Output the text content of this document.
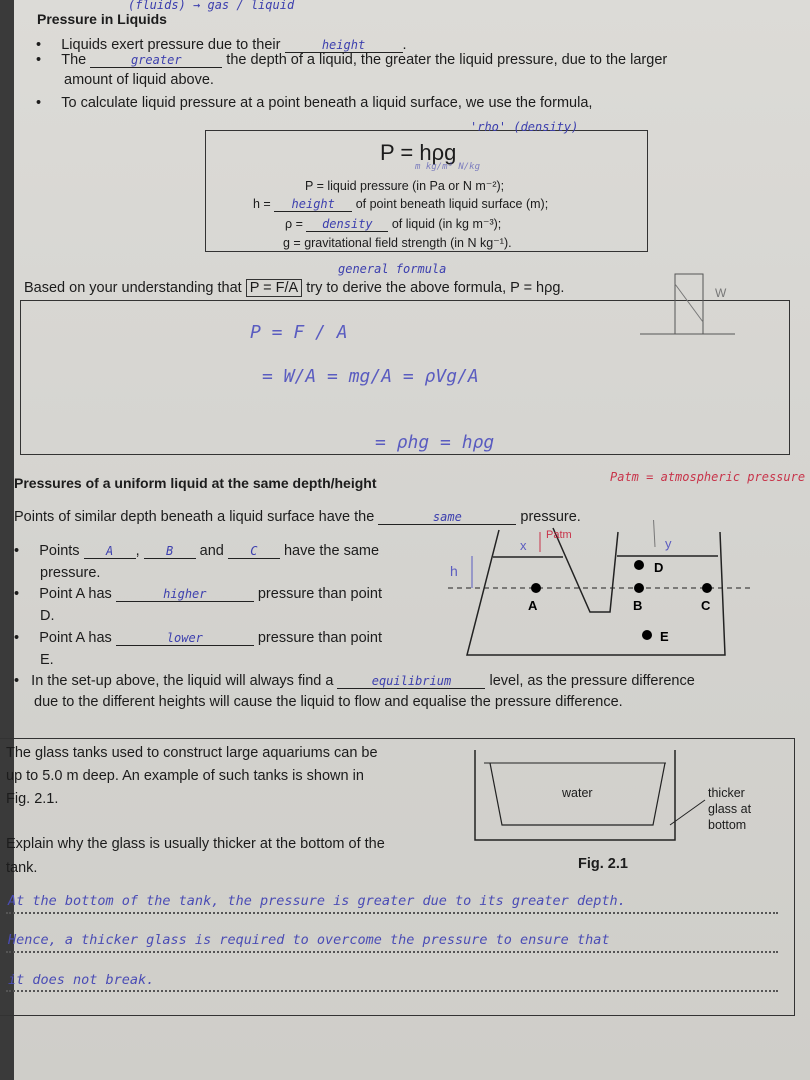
Pressure in Liquids
(fluids) → gas / liquid
•     Liquids exert pressure due to their	height	.
•     The	greater	the depth of a liquid, the greater the liquid pressure, due to the larger
amount of liquid above.
•     To calculate liquid pressure at a point beneath a liquid surface, we use the formula,
'rho' (density)
P = hρg
m kg/m³ N/kg
P = liquid pressure (in Pa or N m⁻²);
h = height of point beneath liquid surface (m);
ρ = density of liquid (in kg m⁻³);
g = gravitational field strength (in N kg⁻¹).
Based on your understanding that P = F/A try to derive the above formula, P = hρg.
general formula
P = F / A
= W/A = mg/A = ρVg/A
= ρhg = hρg
W
Pressures of a uniform liquid at the same depth/height	Patm = atmospheric pressure
Points of similar depth beneath a liquid surface have the	same	pressure.
•     Points A , B and C have the same
pressure.
•     Point A has	higher	pressure than point
D.
•     Point A has	lower	pressure than point
E.
•   In the set-up above, the liquid will always find a	equilibrium	level, as the pressure difference
due to the different heights will cause the liquid to flow and equalise the pressure difference.
h
x	y
Patm
A	B	C
D
E
The glass tanks used to construct large aquariums can be
up to 5.0 m deep. An example of such tanks is shown in
Fig. 2.1.
Explain why the glass is usually thicker at the bottom of the
tank.
water	thicker
glass at
bottom
Fig. 2.1
At the bottom of the tank, the pressure is greater due to its greater depth.
Hence, a thicker glass is required to overcome the pressure to ensure that
it does not break.
